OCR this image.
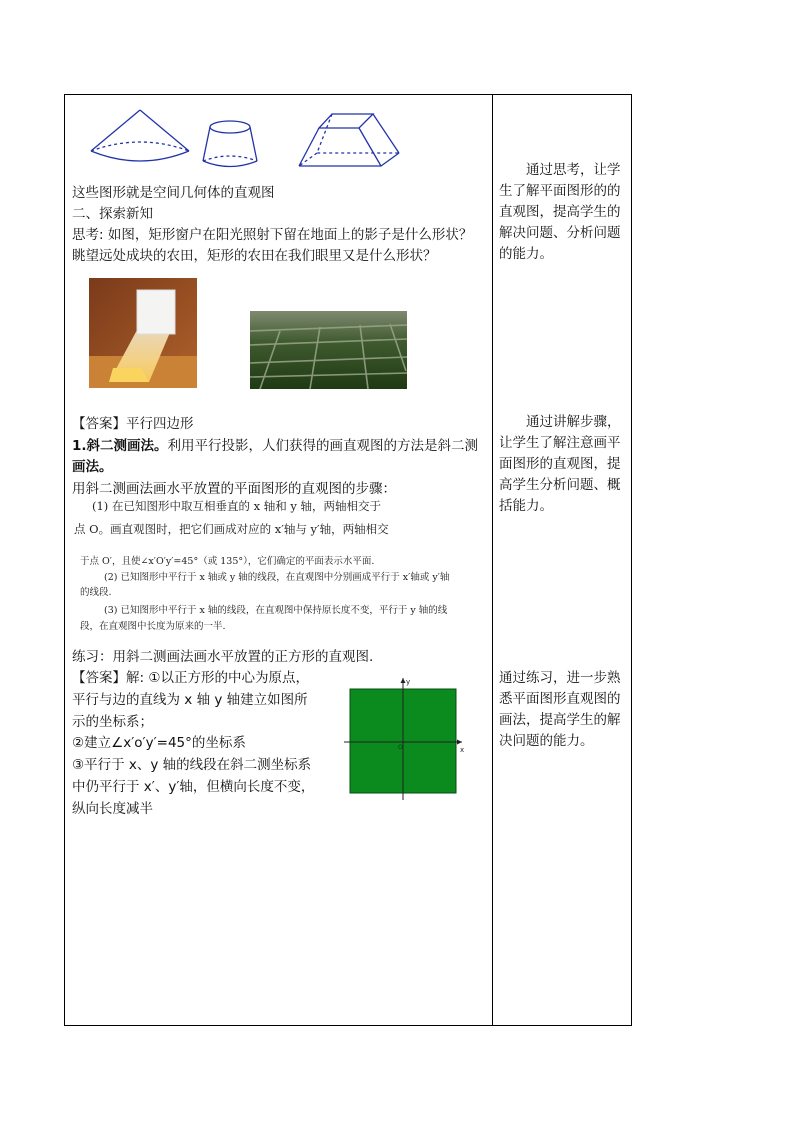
这些图形就是空间几何体的直观图
二、探索新知
思考: 如图，矩形窗户在阳光照射下留在地面上的影子是什么形状？
眺望远处成块的农田，矩形的农田在我们眼里又是什么形状？
【答案】平行四边形
1.斜二测画法。利用平行投影，人们获得的画直观图的方法是斜二测
画法。
用斜二测画法画水平放置的平面图形的直观图的步骤：
(1) 在已知图形中取互相垂直的 x 轴和 y 轴，两轴相交于
点 O。画直观图时，把它们画成对应的 x′轴与 y′轴，两轴相交
于点 O′，且使∠x′O′y′=45°（或 135°），它们确定的平面表示水平面.
(2) 已知图形中平行于 x 轴或 y 轴的线段，在直观图中分别画成平行于 x′轴或 y′轴
的线段.
(3) 已知图形中平行于 x 轴的线段，在直观图中保持原长度不变，平行于 y 轴的线
段，在直观图中长度为原来的一半.
练习：用斜二测画法画水平放置的正方形的直观图.
【答案】解: ①以正方形的中心为原点，
平行与边的直线为 x 轴 y 轴建立如图所
示的坐标系；
②建立∠x′o′y′=45°的坐标系
③平行于 x、y 轴的线段在斜二测坐标系
中仍平行于 x′、y′轴，但横向长度不变，
纵向长度减半
x
y
O
　　通过思考，让学生了解平面图形的的直观图，提高学生的解决问题、分析问题的能力。
　　通过讲解步骤，让学生了解注意画平面图形的直观图，提高学生分析问题、概括能力。
通过练习，进一步熟悉平面图形直观图的画法，提高学生的解决问题的能力。
